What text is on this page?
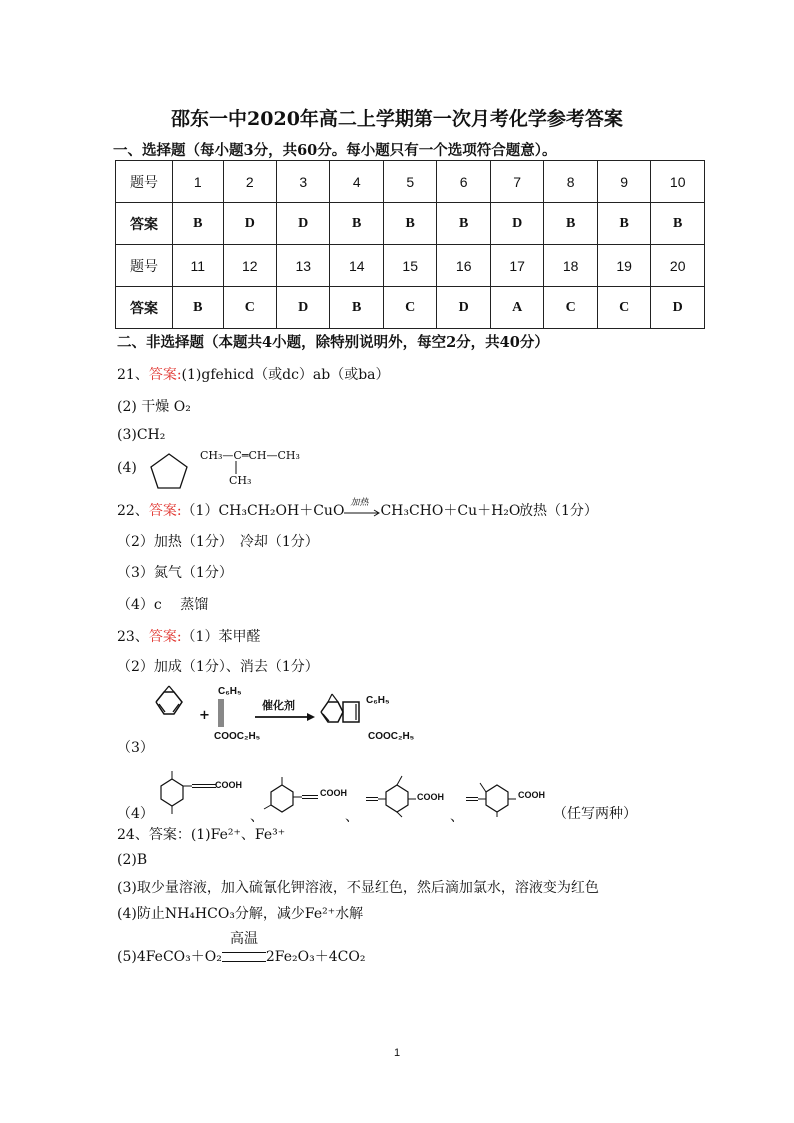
邵东一中2020年高二上学期第一次月考化学参考答案
一、选择题（每小题3分，共60分。每小题只有一个选项符合题意）。
题号	1	2	3	4	5	6	7	8	9	10
答案	B	D	D	B	B	B	D	B	B	B
题号	11	12	13	14	15	16	17	18	19	20
答案	B	C	D	B	C	D	A	C	C	D
二、非选择题（本题共4小题，除特别说明外，每空2分，共40分）
21、答案:(1)gfehicd（或dc）ab（或ba）
(2) 干燥 O₂
(3)CH₂
(4)
CH₃—C═CH—CH₃
CH₃
22、答案:（1）CH₃CH₂OH＋CuO 加热 CH₃CHO＋Cu＋H₂O
放热（1分）
（2）加热（1分）　冷却（1分）
（3）氮气（1分）
（4）c　 蒸馏
23、答案:（1）苯甲醛
（2）加成（1分）、消去（1分）
（3）
+
C₆H₅
COOC₂H₅
催化剂	C₆H₅
COOC₂H₅
（4）
COOH
、
COOH
、
COOH
、
COOH
（任写两种）
24、答案：(1)Fe²⁺、Fe³⁺
(2)B
(3)取少量溶液，加入硫氰化钾溶液，不显红色，然后滴加氯水，溶液变为红色
(4)防止NH₄HCO₃分解，减少Fe²⁺水解
高温
(5)4FeCO₃＋O₂	2Fe₂O₃＋4CO₂
1
